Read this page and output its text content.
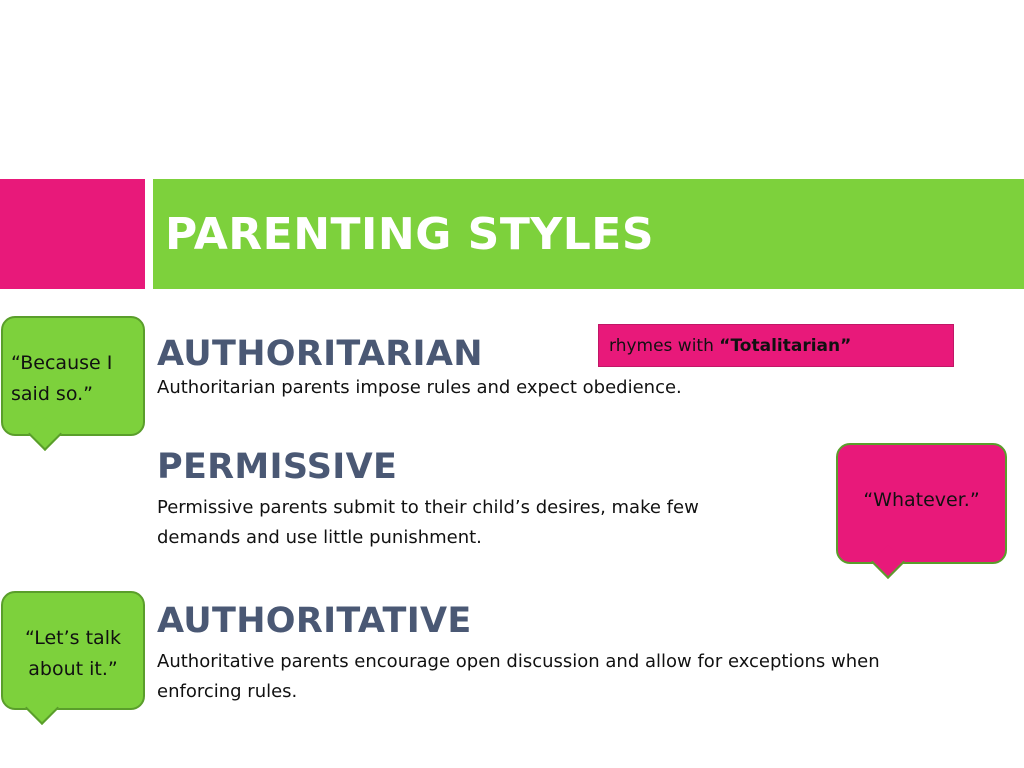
PARENTING STYLES
“Because I said so.”
AUTHORITARIAN	rhymes with “Totalitarian”

Authoritarian parents impose rules and expect obedience.

PERMISSIVE

Permissive parents submit to their child’s desires, make few demands and use little punishment.

“Whatever.”
“Let’s talk about it.”
AUTHORITATIVE

Authoritative parents encourage open discussion and allow for exceptions when enforcing rules.
